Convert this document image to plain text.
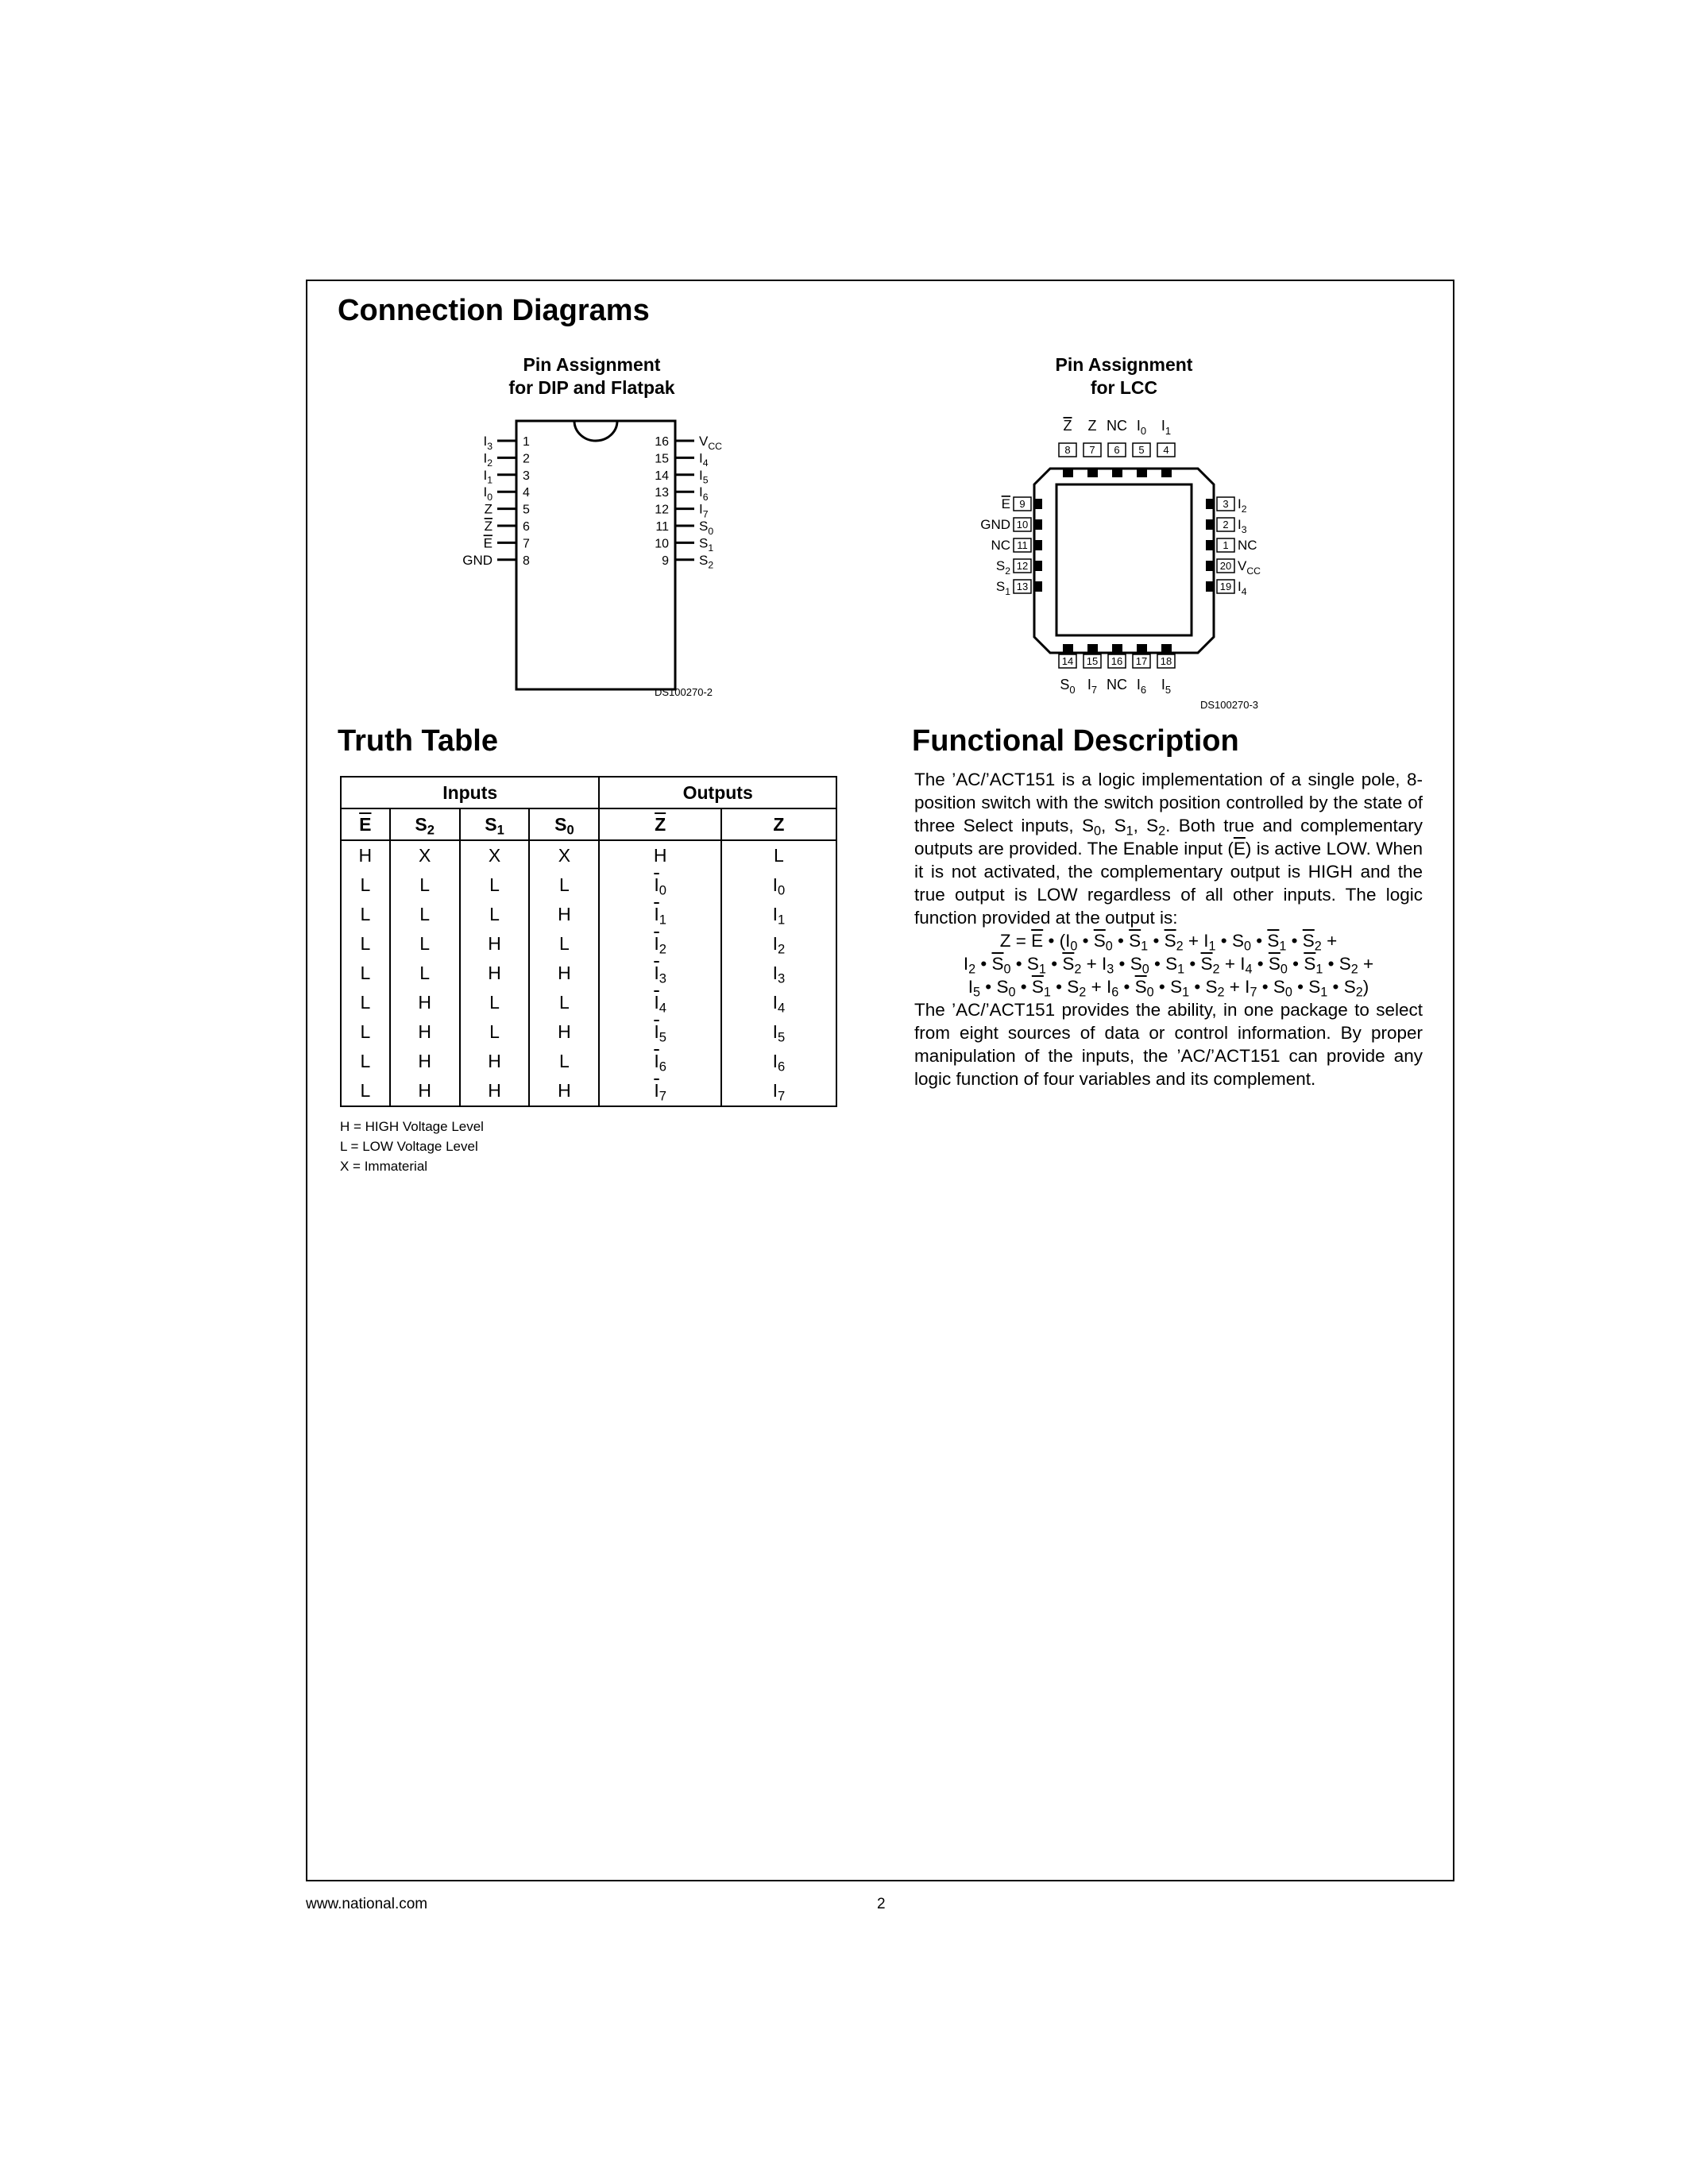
Connection Diagrams
Pin Assignment
for DIP and Flatpak
1
$I_3$
2
$I_2$
3
$I_1$
4
$I_0$
5
Z
6
Z
7
E
8
GND
16 $V_{CC}$
15 $I_4$
14 $I_5$
13 $I_6$
12 $I_7$
11 $S_0$
10 $S_1$
9 $S_2$
DS100270-2
Pin Assignment
for LCC
8
Z
7
Z
6
NC
5
$I_0$
4
$I_1$
14
$S_0$
15
$I_7$
16
NC
17
$I_6$
18
$I_5$
9
E
10
GND
11
NC
12
$S_2$
13
$S_1$
3 $I_2$
2 $I_3$
1 NC
20 $V_{CC}$
19 $I_4$
DS100270-3
Truth Table
Inputs				Outputs	
$\overline{E}$	$S_2$	$S_1$	$S_0$	$\overline{Z}$	Z
H	X	X	X	H	L
L	L	L	L	$\overline{I}_0$	$I_0$
L	L	L	H	$\overline{I}_1$	$I_1$
L	L	H	L	$\overline{I}_2$	$I_2$
L	L	H	H	$\overline{I}_3$	$I_3$
L	H	L	L	$\overline{I}_4$	$I_4$
L	H	L	H	$\overline{I}_5$	$I_5$
L	H	H	L	$\overline{I}_6$	$I_6$
L	H	H	H	$\overline{I}_7$	$I_7$
H = HIGH Voltage Level
L = LOW Voltage Level
X = Immaterial
Functional Description

The ’AC/’ACT151 is a logic implementation of a single pole, 8-position switch with the switch position controlled by the state of three Select inputs, $S_0$, $S_1$, $S_2$. Both true and complementary outputs are provided. The Enable input $(\overline{E})$ is active LOW. When it is not activated, the complementary output is HIGH and the true output is LOW regardless of all other inputs. The logic function provided at the output is:

$Z = \overline{E}$ • ($I_0$ • $\overline{S}_0$ • $\overline{S}_1$ • $\overline{S}_2 + I_1$ • $S_0$ • $\overline{S}_1$ • $\overline{S}_2$ +
$I_2$ • $\overline{S}_0$ • $S_1$ • $\overline{S}_2 + I_3$ • $S_0$ • $S_1$ • $\overline{S}_2 + I_4$ • $\overline{S}_0$ • $\overline{S}_1$ • $S_2$ +
$I_5$ • $S_0$ • $\overline{S}_1$ • $S_2 + I_6$ • $\overline{S}_0$ • $S_1$ • $S_2 + I_7$ • $S_0$ • $S_1$ • $S_2$)

The ’AC/’ACT151 provides the ability, in one package to select from eight sources of data or control information. By proper manipulation of the inputs, the ’AC/’ACT151 can provide any logic function of four variables and its complement.

www.national.com	2
